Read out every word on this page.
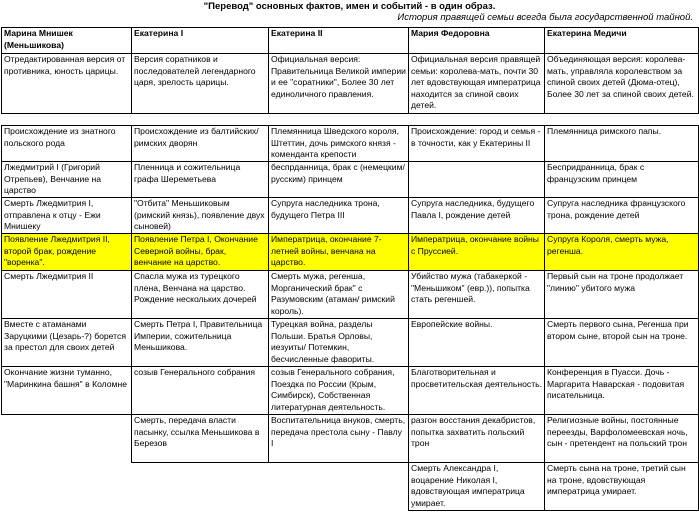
"Перевод" основных фактов, имен и событий - в один образ.
История правящей семьи всегда была государственной тайной.
Марина Мнишек (Меньшикова)	Екатерина I	Екатерина II	Мария Федоровна	Екатерина Медичи
Отредактированная версия от противника, юность царицы.	Версия соратников и последователей легендарного царя, зрелость царицы.	Официальная версия: Правительница Великой империи и ее "соратники", Более 30 лет единоличного правления.	Официальная версия правящей семьи: королева-мать, почти 30 лет вдовствующая императрица находится за спиной своих детей.	Объединяющая версия: королева-мать, управляла королевством за спиной своих детей (Дюма-отец), Более 30 лет за спиной своих детей.

Происхождение из знатного польского рода	Происхождение из балтийских/римских дворян	Племянница Шведского короля, Штеттин, дочь римского князя - коменданта крепости	Происхождение: город и семья - в точности, как у Екатерины II	Племянница римского папы.
Лжедмитрий I (Григорий Отрепьев), Венчание на царство	Пленница и сожительница графа Шереметьева	беспрданница, брак с (немецким/ русским) принцем		Беспридранница, брак с французским принцем
Смерть Лжедмитрия I, отправлена к отцу - Ежи Мнишеку	"Отбита" Меньшиковым (римский князь), появление двух сыновей)	Супруга наследника трона, будущего Петра III	Супруга наследника, будущего Павла I, рождение детей	Супруга наследника французского трона, рождение детей
Появление Лжедмитрия II, второй брак, рождение "воренка".	Появление Петра I, Окончание Северной войны, брак, венчание на царство.	Императрица, окончание 7-летней войны, венчана на царство.	Императрица, окончание войны с Пруссией.	Супруга Короля, смерть мужа, регенша.
Смерть Лжедмитрия II	Спасла мужа из турецкого плена, Венчана на царство. Рождение нескольких дочерей	Смерть мужа, регенша, Морганический брак" с Разумовским (атаман/ римский король).	Убийство мужа (табакеркой - "Меньшиком" (евр.)), попытка стать регеншей.	Первый сын на троне продолжает "линию" убитого мужа
Вместе с атаманами Заруцкими (Цезарь-?) борется за престол для своих детей	Смерть Петра I, Правительница Империи, сожительница Меньшикова.	Турецкая война, разделы Польши. Братья Орловы, иезуиты/ Потемкин, бесчисленные фавориты.	Европейские войны.	Смерть первого сына, Регенша при втором сыне, второй сын на троне.
Окончание жизни туманно, "Маринкина башня" в Коломне	созыв Генерального собрания	созыв Генерального собрания, Поездка по России (Крым, Симбирск), Собственная литературная деятельность.	Благотворительная и просветительская деятельность.	Конференция в Пуасси. Дочь - Маргарита Наварская - подовитая писательница.
	Смерть, передача власти пасынку, ссылка Меньшикова в Березов	Воспитательница внуков, смерть, передача престола сыну - Павлу I	разгон восстания декабристов, попытка захватить польский трон	Религиозные войны, постоянные переезды, Варфоломеевская ночь, сын - претендент на польский трон
			Смерть Александра I, воцарение Николая I, вдовствующая императрица умирает.	Смерть сына на троне, третий сын на троне, вдовствующая императрица умирает.
